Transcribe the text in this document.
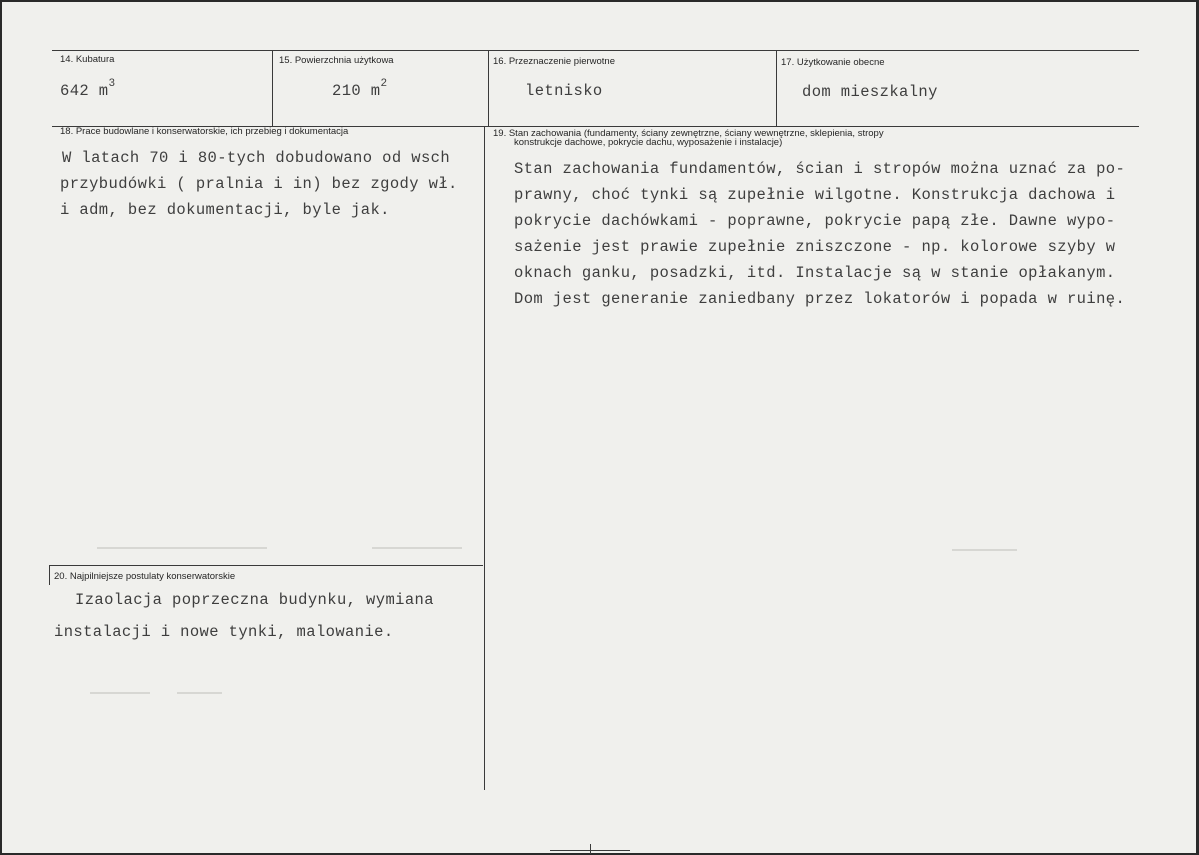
14. Kubatura
642 $m^3$
15. Powierzchnia użytkowa
210 $m^2$
16. Przeznaczenie pierwotne
letnisko
17. Użytkowanie obecne
dom mieszkalny
18. Prace budowlane i konserwatorskie, ich przebieg i dokumentacja
W latach 70 i 80-tych dobudowano od wsch
przybudówki ( pralnia i in) bez zgody wł.
i adm, bez dokumentacji, byle jak.
19. Stan zachowania (fundamenty, ściany zewnętrzne, ściany wewnętrzne, sklepienia, stropy
konstrukcje dachowe, pokrycie dachu, wyposażenie i instalacje)
Stan zachowania fundamentów, ścian i stropów można uznać za po-
prawny, choć tynki są zupełnie wilgotne. Konstrukcja dachowa i
pokrycie dachówkami - poprawne, pokrycie papą złe. Dawne wypo-
sażenie jest prawie zupełnie zniszczone - np. kolorowe szyby w
oknach ganku, posadzki, itd. Instalacje są w stanie opłakanym.
Dom jest generanie zaniedbany przez lokatorów i popada w ruinę.
20. Najpilniejsze postulaty konserwatorskie
Izaolacja poprzeczna budynku, wymiana
instalacji i nowe tynki, malowanie.
